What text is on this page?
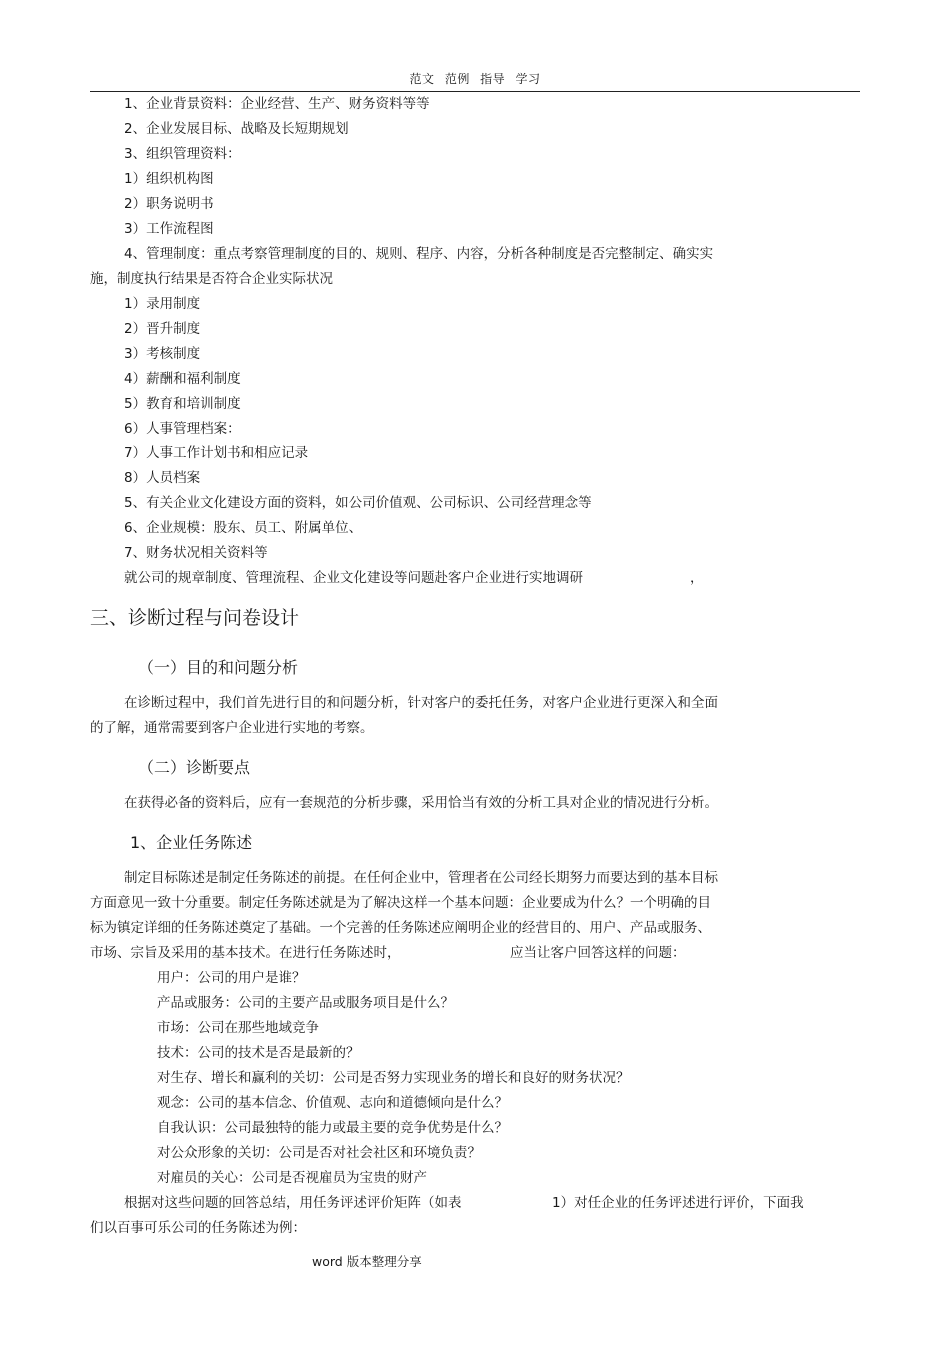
范文 范例 指导 学习
1、企业背景资料：企业经营、生产、财务资料等等
2、企业发展目标、战略及长短期规划
3、组织管理资料：
1）组织机构图
2）职务说明书
3）工作流程图
4、管理制度：重点考察管理制度的目的、规则、程序、内容，分析各种制度是否完整制定、确实实
施，制度执行结果是否符合企业实际状况
1）录用制度
2）晋升制度
3）考核制度
4）薪酬和福利制度
5）教育和培训制度
6）人事管理档案：
7）人事工作计划书和相应记录
8）人员档案
5、有关企业文化建设方面的资料，如公司价值观、公司标识、公司经营理念等
6、企业规模：股东、员工、附属单位、
7、财务状况相关资料等
就公司的规章制度、管理流程、企业文化建设等问题赴客户企业进行实地调研	，
三、诊断过程与问卷设计
（一）目的和问题分析
在诊断过程中，我们首先进行目的和问题分析，针对客户的委托任务，对客户企业进行更深入和全面
的了解，通常需要到客户企业进行实地的考察。
（二）诊断要点
在获得必备的资料后，应有一套规范的分析步骤，采用恰当有效的分析工具对企业的情况进行分析。
1、企业任务陈述
制定目标陈述是制定任务陈述的前提。在任何企业中，管理者在公司经长期努力而要达到的基本目标
方面意见一致十分重要。制定任务陈述就是为了解决这样一个基本问题：企业要成为什么？一个明确的目
标为镇定详细的任务陈述奠定了基础。一个完善的任务陈述应阐明企业的经营目的、用户、产品或服务、
市场、宗旨及采用的基本技术。在进行任务陈述时，	应当让客户回答这样的问题：
用户：公司的用户是谁？
产品或服务：公司的主要产品或服务项目是什么？
市场：公司在那些地域竞争
技术：公司的技术是否是最新的？
对生存、增长和赢利的关切：公司是否努力实现业务的增长和良好的财务状况？
观念：公司的基本信念、价值观、志向和道德倾向是什么？
自我认识：公司最独特的能力或最主要的竞争优势是什么？
对公众形象的关切：公司是否对社会社区和环境负责？
对雇员的关心：公司是否视雇员为宝贵的财产
根据对这些问题的回答总结，用任务评述评价矩阵（如表	1）对任企业的任务评述进行评价，下面我
们以百事可乐公司的任务陈述为例：
word 版本整理分享
